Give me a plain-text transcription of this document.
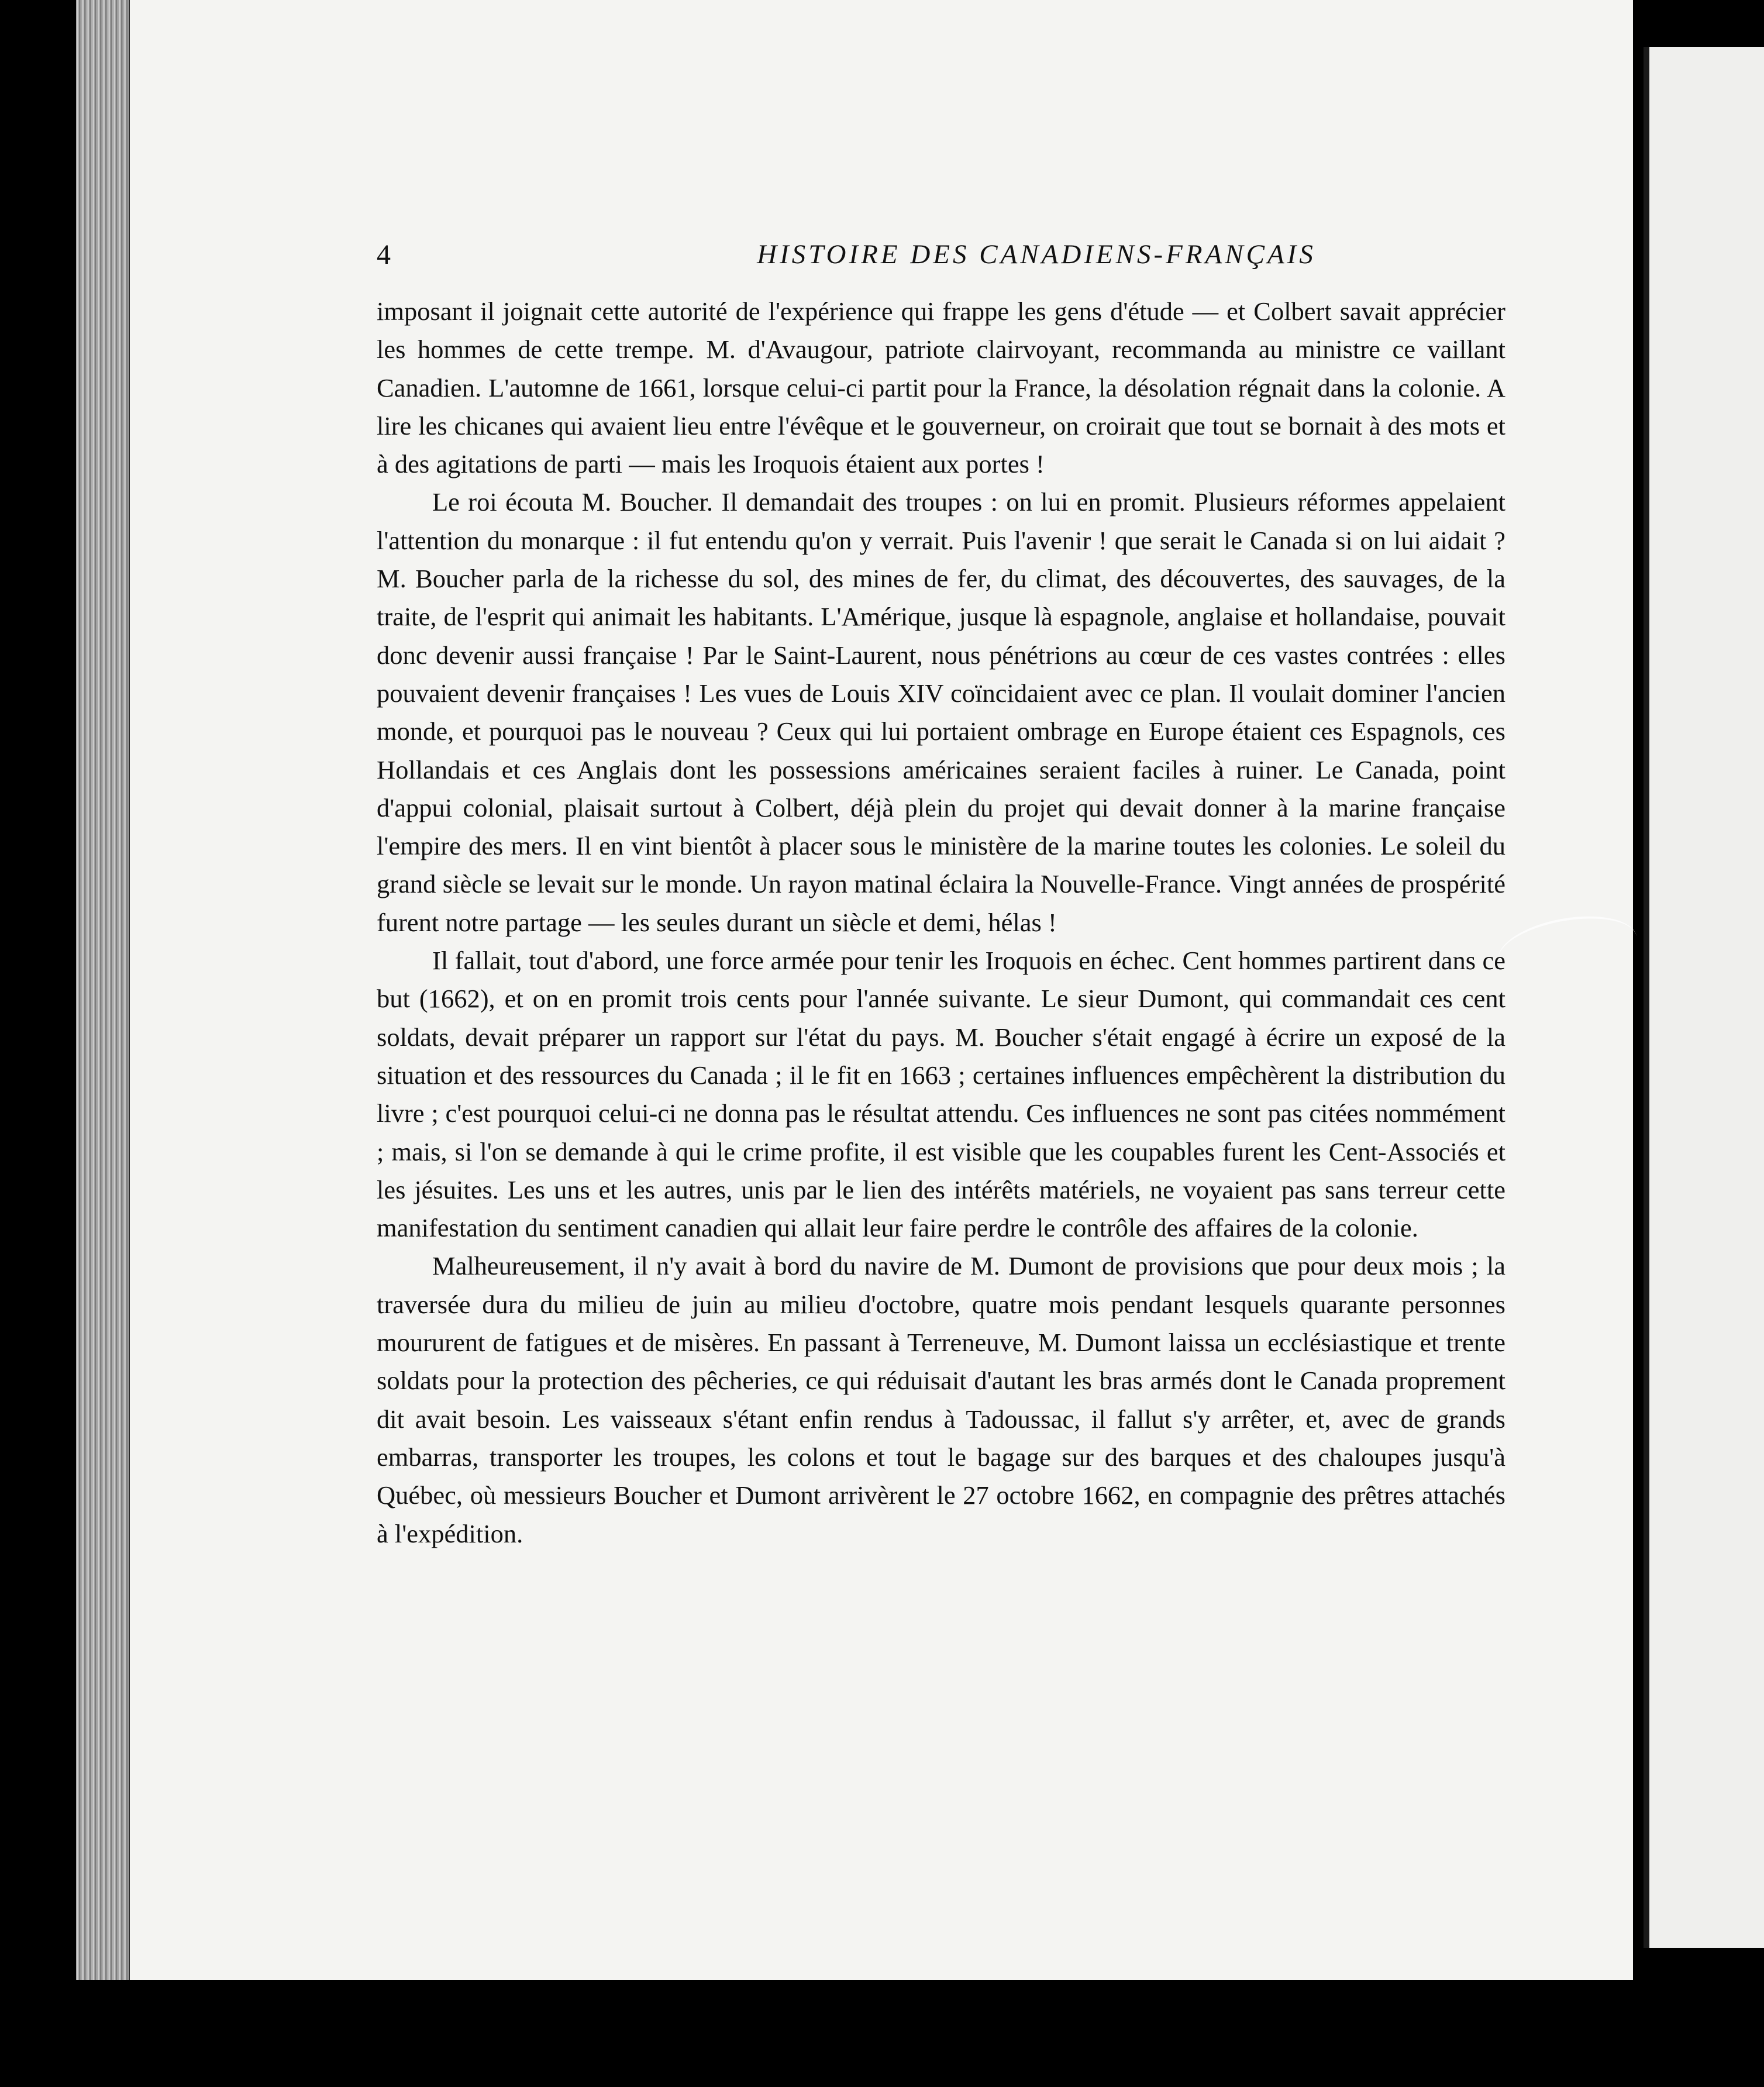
4	HISTOIRE DES CANADIENS-FRANÇAIS

imposant il joignait cette autorité de l'expérience qui frappe les gens d'étude — et Colbert savait apprécier les hommes de cette trempe. M. d'Avaugour, patriote clairvoyant, recommanda au ministre ce vaillant Canadien. L'automne de 1661, lorsque celui-ci partit pour la France, la désolation régnait dans la colonie. A lire les chicanes qui avaient lieu entre l'évêque et le gouverneur, on croirait que tout se bornait à des mots et à des agitations de parti — mais les Iroquois étaient aux portes !

Le roi écouta M. Boucher. Il demandait des troupes : on lui en promit. Plusieurs réformes appelaient l'attention du monarque : il fut entendu qu'on y verrait. Puis l'avenir ! que serait le Canada si on lui aidait ? M. Boucher parla de la richesse du sol, des mines de fer, du climat, des découvertes, des sauvages, de la traite, de l'esprit qui animait les habitants. L'Amérique, jusque là espagnole, anglaise et hollandaise, pouvait donc devenir aussi française ! Par le Saint-Laurent, nous pénétrions au cœur de ces vastes contrées : elles pouvaient devenir françaises ! Les vues de Louis XIV coïncidaient avec ce plan. Il voulait dominer l'ancien monde, et pourquoi pas le nouveau ? Ceux qui lui portaient ombrage en Europe étaient ces Espagnols, ces Hollandais et ces Anglais dont les possessions américaines seraient faciles à ruiner. Le Canada, point d'appui colonial, plaisait surtout à Colbert, déjà plein du projet qui devait donner à la marine française l'empire des mers. Il en vint bientôt à placer sous le ministère de la marine toutes les colonies. Le soleil du grand siècle se levait sur le monde. Un rayon matinal éclaira la Nouvelle-France. Vingt années de prospérité furent notre partage — les seules durant un siècle et demi, hélas !

Il fallait, tout d'abord, une force armée pour tenir les Iroquois en échec. Cent hommes partirent dans ce but (1662), et on en promit trois cents pour l'année suivante. Le sieur Dumont, qui commandait ces cent soldats, devait préparer un rapport sur l'état du pays. M. Boucher s'était engagé à écrire un exposé de la situation et des ressources du Canada ; il le fit en 1663 ; certaines influences empêchèrent la distribution du livre ; c'est pourquoi celui-ci ne donna pas le résultat attendu. Ces influences ne sont pas citées nommément ; mais, si l'on se demande à qui le crime profite, il est visible que les coupables furent les Cent-Associés et les jésuites. Les uns et les autres, unis par le lien des intérêts matériels, ne voyaient pas sans terreur cette manifestation du sentiment canadien qui allait leur faire perdre le contrôle des affaires de la colonie.

Malheureusement, il n'y avait à bord du navire de M. Dumont de provisions que pour deux mois ; la traversée dura du milieu de juin au milieu d'octobre, quatre mois pendant lesquels quarante personnes moururent de fatigues et de misères. En passant à Terreneuve, M. Dumont laissa un ecclésiastique et trente soldats pour la protection des pêcheries, ce qui réduisait d'autant les bras armés dont le Canada proprement dit avait besoin. Les vaisseaux s'étant enfin rendus à Tadoussac, il fallut s'y arrêter, et, avec de grands embarras, transporter les troupes, les colons et tout le bagage sur des barques et des chaloupes jusqu'à Québec, où messieurs Boucher et Dumont arrivèrent le 27 octobre 1662, en compagnie des prêtres attachés à l'expédition.
